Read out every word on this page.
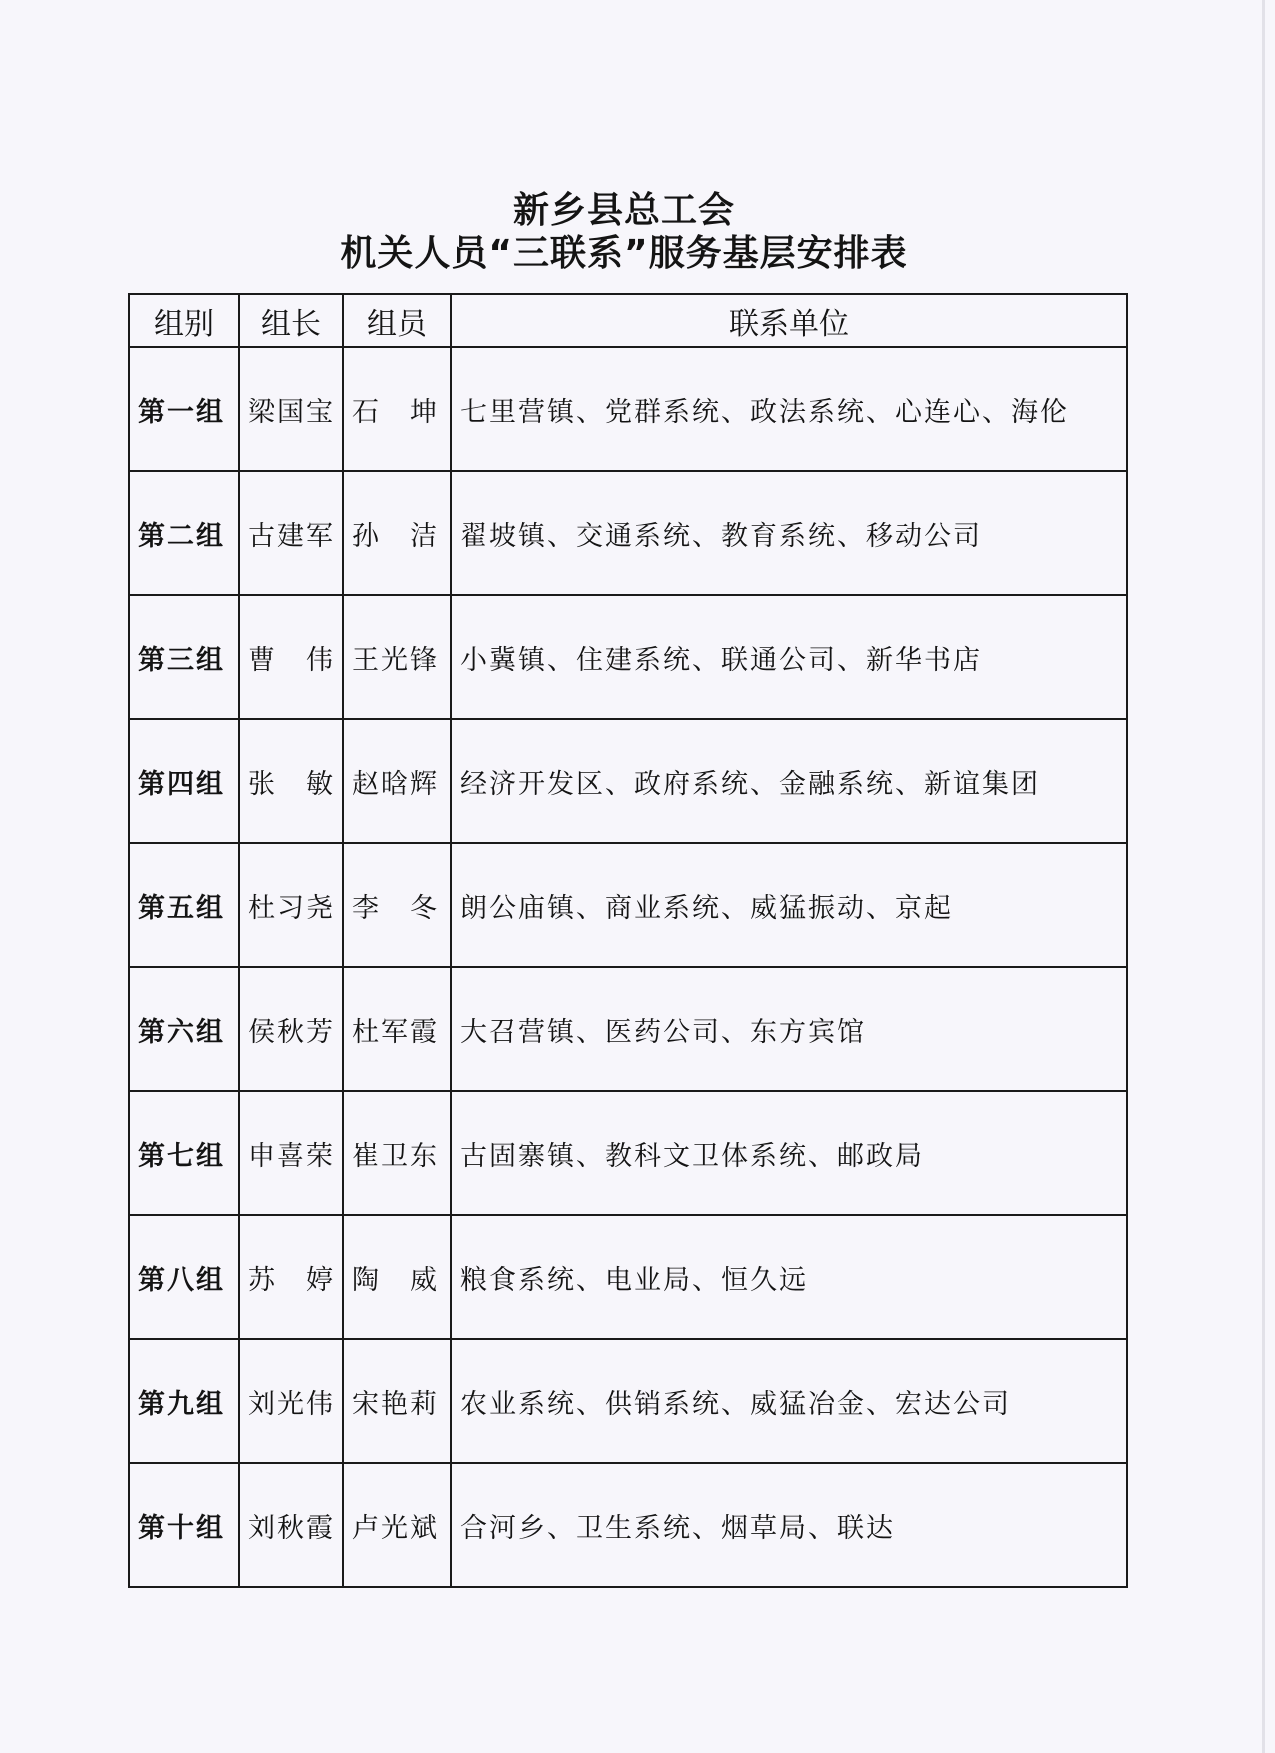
新乡县总工会
机关人员“三联系”服务基层安排表
组别	组长	组员	联系单位
第一组	梁国宝	石　坤	七里营镇、党群系统、政法系统、心连心、海伦
第二组	古建军	孙　洁	翟坡镇、交通系统、教育系统、移动公司
第三组	曹　伟	王光锋	小冀镇、住建系统、联通公司、新华书店
第四组	张　敏	赵晗辉	经济开发区、政府系统、金融系统、新谊集团
第五组	杜习尧	李　冬	朗公庙镇、商业系统、威猛振动、京起
第六组	侯秋芳	杜军霞	大召营镇、医药公司、东方宾馆
第七组	申喜荣	崔卫东	古固寨镇、教科文卫体系统、邮政局
第八组	苏　婷	陶　威	粮食系统、电业局、恒久远
第九组	刘光伟	宋艳莉	农业系统、供销系统、威猛冶金、宏达公司
第十组	刘秋霞	卢光斌	合河乡、卫生系统、烟草局、联达
